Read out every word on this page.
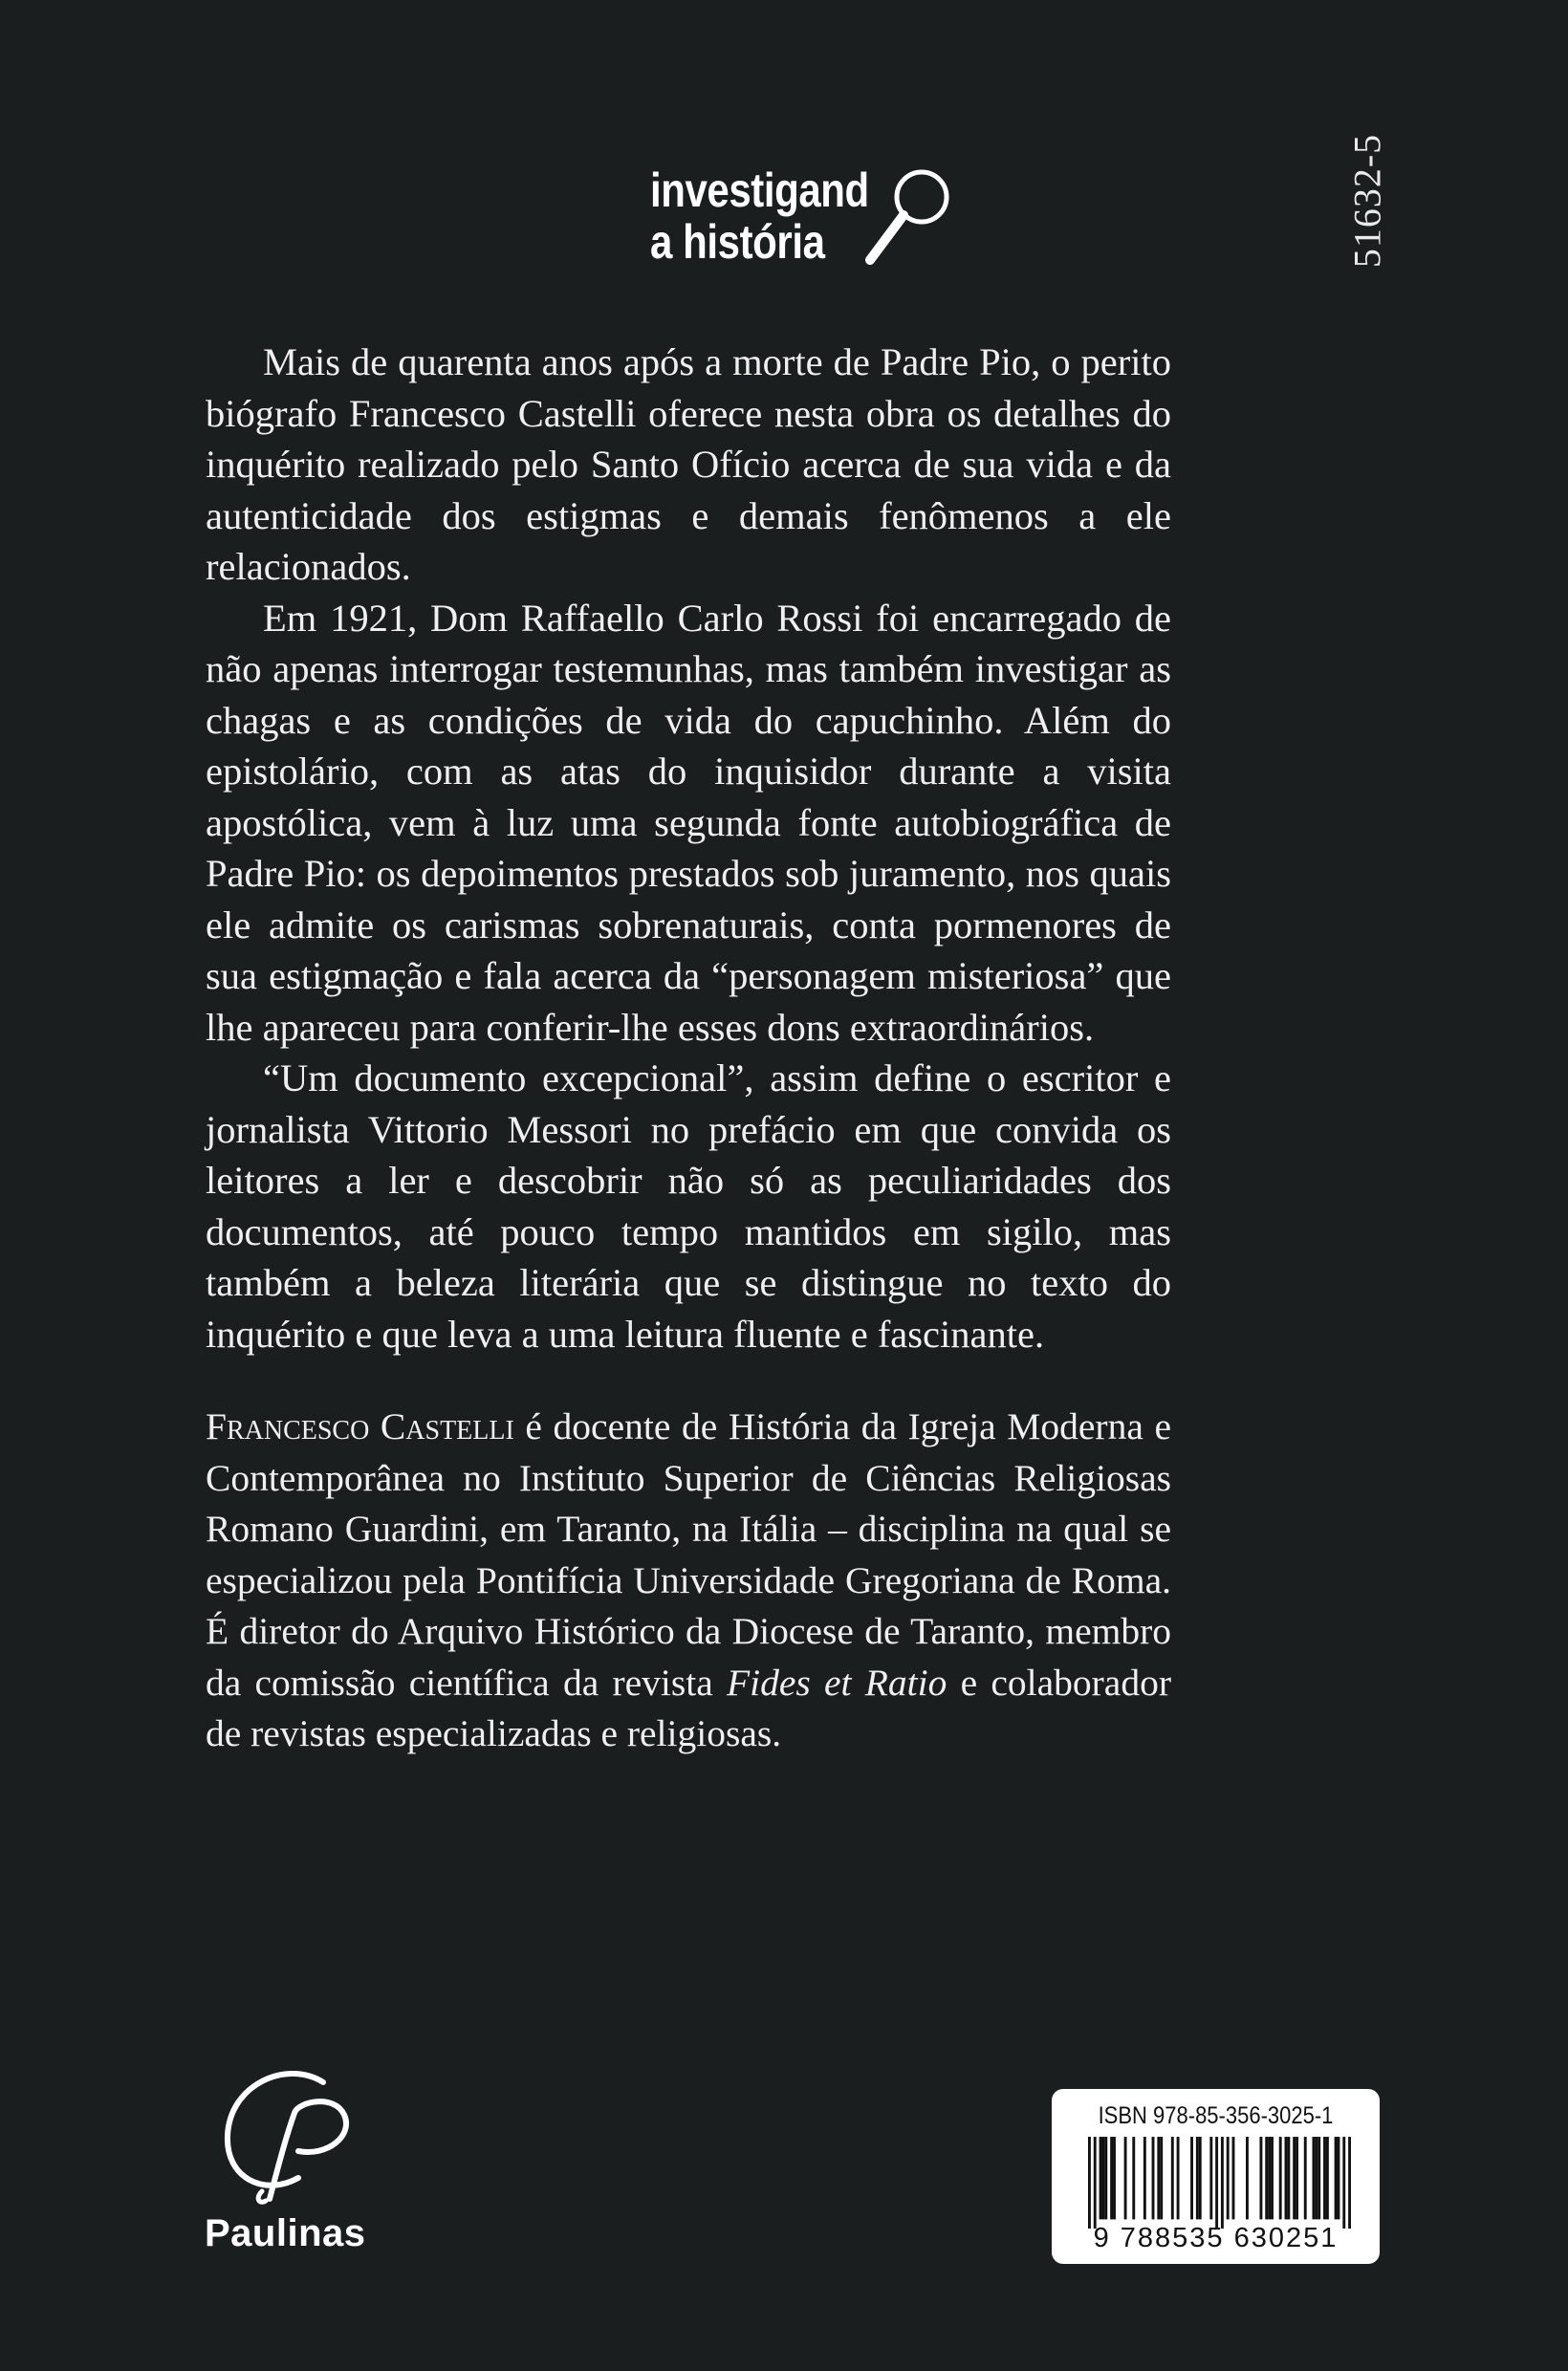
51632-5
investigand
a história

Mais de quarenta anos após a morte de Padre Pio, o perito biógrafo Francesco Castelli oferece nesta obra os detalhes do inquérito realizado pelo Santo Ofício acerca de sua vida e da autenticidade dos estigmas e demais fenômenos a ele relacionados.

Em 1921, Dom Raffaello Carlo Rossi foi encarregado de não apenas interrogar testemunhas, mas também investigar as chagas e as condições de vida do capuchinho. Além do epistolário, com as atas do inquisidor durante a visita apostólica, vem à luz uma segunda fonte autobiográfica de Padre Pio: os depoimentos prestados sob juramento, nos quais ele admite os carismas sobrenaturais, conta pormenores de sua estigmação e fala acerca da “personagem misteriosa” que lhe apareceu para conferir-lhe esses dons extraordinários.

“Um documento excepcional”, assim define o escritor e jornalista Vittorio Messori no prefácio em que convida os leitores a ler e descobrir não só as peculiaridades dos documentos, até pouco tempo mantidos em sigilo, mas também a beleza literária que se distingue no texto do inquérito e que leva a uma leitura fluente e fascinante.

Francesco Castelli é docente de História da Igreja Moderna e Contemporânea no Instituto Superior de Ciências Religiosas Romano Guardini, em Taranto, na Itália – disciplina na qual se especializou pela Pontifícia Universidade Gregoriana de Roma. É diretor do Arquivo Histórico da Diocese de Taranto, membro da comissão científica da revista Fides et Ratio e colaborador de revistas especializadas e religiosas.

Paulinas
ISBN 978-85-356-3025-1
9 788535 630251
